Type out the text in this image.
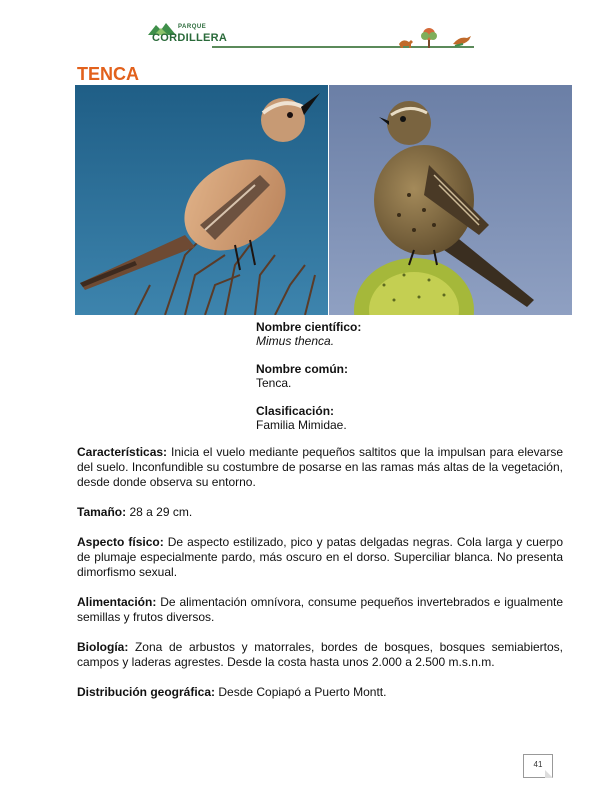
PARQUE
CORDILLERA
TENCA
Nombre científico:
Mimus thenca.
Nombre común:
Tenca.
Clasificación:
Familia Mimidae.

Características: Inicia el vuelo mediante pequeños saltitos que la impulsan para elevarse del suelo. Inconfundible su costumbre de posarse en las ramas más altas de la vegetación, desde donde observa su entorno.

Tamaño: 28 a 29 cm.

Aspecto físico: De aspecto estilizado, pico y patas delgadas negras. Cola larga y cuerpo de plumaje especialmente pardo, más oscuro en el dorso. Superciliar blanca. No presenta dimorfismo sexual.

Alimentación: De alimentación omnívora, consume pequeños invertebrados e igualmente semillas y frutos diversos.

Biología: Zona de arbustos y matorrales, bordes de bosques, bosques semiabiertos, campos y laderas agrestes. Desde la costa hasta unos 2.000 a 2.500 m.s.n.m.

Distribución geográfica: Desde Copiapó a Puerto Montt.

41
